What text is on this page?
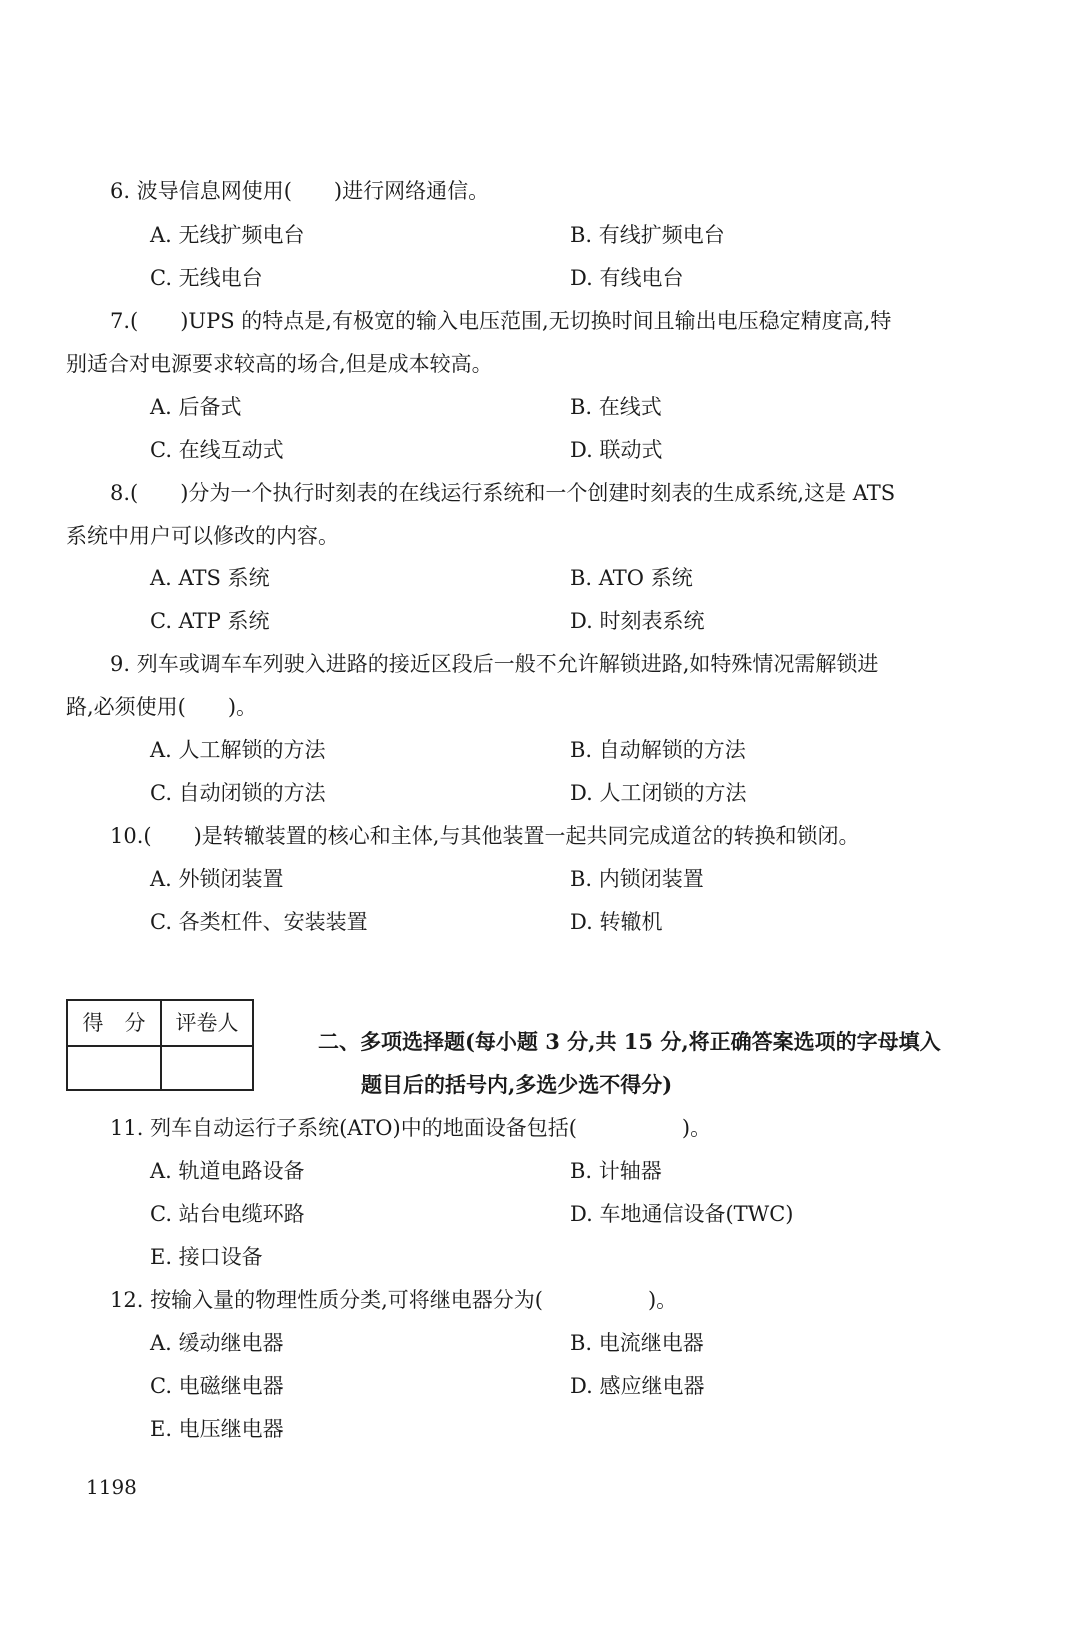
6. 波导信息网使用(　　)进行网络通信。
A. 无线扩频电台	B. 有线扩频电台
C. 无线电台	D. 有线电台
7.(　　)UPS 的特点是,有极宽的输入电压范围,无切换时间且输出电压稳定精度高,特
别适合对电源要求较高的场合,但是成本较高。
A. 后备式	B. 在线式
C. 在线互动式	D. 联动式
8.(　　)分为一个执行时刻表的在线运行系统和一个创建时刻表的生成系统,这是 ATS
系统中用户可以修改的内容。
A. ATS 系统	B. ATO 系统
C. ATP 系统	D. 时刻表系统
9. 列车或调车车列驶入进路的接近区段后一般不允许解锁进路,如特殊情况需解锁进
路,必须使用(　　)。
A. 人工解锁的方法	B. 自动解锁的方法
C. 自动闭锁的方法	D. 人工闭锁的方法
10.(　　)是转辙装置的核心和主体,与其他装置一起共同完成道岔的转换和锁闭。
A. 外锁闭装置	B. 内锁闭装置
C. 各类杠件、安装装置	D. 转辙机
得　分	评卷人
二、多项选择题(每小题 3 分,共 15 分,将正确答案选项的字母填入
题目后的括号内,多选少选不得分)
11. 列车自动运行子系统(ATO)中的地面设备包括(　　　　　)。
A. 轨道电路设备	B. 计轴器
C. 站台电缆环路	D. 车地通信设备(TWC)
E. 接口设备
12. 按输入量的物理性质分类,可将继电器分为(　　　　　)。
A. 缓动继电器	B. 电流继电器
C. 电磁继电器	D. 感应继电器
E. 电压继电器
1198
